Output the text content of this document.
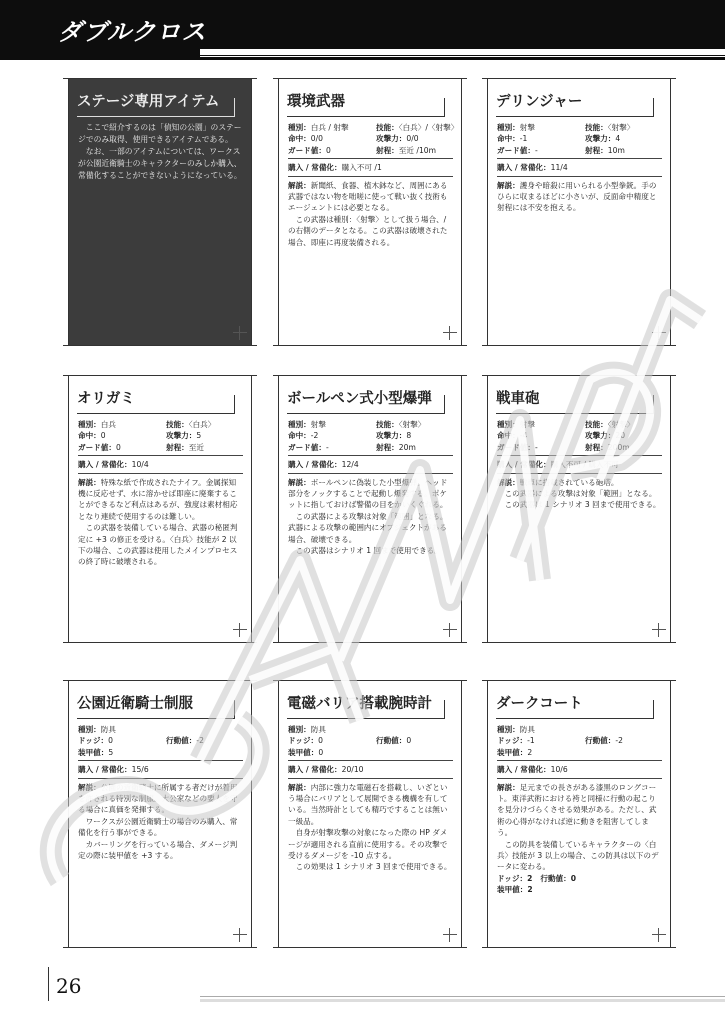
ダブルクロス
ステージ専用アイテム

ここで紹介するのは「偵知の公園」のステージでのみ取得、使用できるアイテムである。

なお、一部のアイテムについては、ワークスが公園近衛騎士のキャラクターのみしか購入、常備化することができないようになっている。

環境武器
種別：白兵 / 射撃	技能：〈白兵〉/〈射撃〉
命中：0/0	攻撃力：0/0
ガード値：0	射程：至近 /10m
購入 / 常備化：購入不可 /1

解説：新聞紙、食器、植木鉢など、周囲にある武器ではない物を咄嗟に使って戦い抜く技術もエージェントには必要となる。

この武器は種別：〈射撃〉として扱う場合、/ の右側のデータとなる。この武器は破壊された場合、即座に再度装備される。

デリンジャー
種別：射撃	技能：〈射撃〉
命中：-1	攻撃力：4
ガード値：-	射程：10m
購入 / 常備化：11/4

解説：護身や暗殺に用いられる小型拳銃。手のひらに収まるほどに小さいが、反面命中精度と射程には不安を抱える。

オリガミ
種別：白兵	技能：〈白兵〉
命中：0	攻撃力：5
ガード値：0	射程：至近
購入 / 常備化：10/4

解説：特殊な紙で作成されたナイフ。金属探知機に反応せず、水に溶かせば即座に廃棄することができるなど利点はあるが、強度は素材相応となり連続で使用するのは難しい。

この武器を装備している場合、武器の秘匿判定に +3 の修正を受ける。〈白兵〉技能が 2 以下の場合、この武器は使用したメインプロセスの終了時に破壊される。

ボールペン式小型爆弾
種別：射撃	技能：〈射撃〉
命中：-2	攻撃力：8
ガード値：-	射程：20m
購入 / 常備化：12/4

解説：ボールペンに偽装した小型爆弾。ヘッド部分をノックすることで起動し爆発する。ポケットに指しておけば警備の目をかいくぐれる。

この武器による攻撃は対象「範囲」となる。武器による攻撃の範囲内にオブジェクトがある場合、破壊できる。

この武器はシナリオ 1 回まで使用できる。

戦車砲
種別：射撃	技能：〈射撃〉
命中：-4	攻撃力：20
ガード値：-	射程：200m
購入 / 常備化：購入不可 / 購入不可

解説：戦車に搭載されている砲塔。

この武器による攻撃は対象「範囲」となる。

この武器は 1 シナリオ 3 回まで使用できる。

公園近衛騎士制服
種別：防具
ドッジ：0	行動値：-2
装甲値：5
購入 / 常備化：15/6

解説：公園の近衛騎士に所属する者だけが着用を許される特別な制服。大公家などの要人を守る場合に真価を発揮する。

ワークスが公園近衛騎士の場合のみ購入、常備化を行う事ができる。

カバーリングを行っている場合、ダメージ判定の際に装甲値を +3 する。

電磁バリア搭載腕時計
種別：防具
ドッジ：0	行動値：0
装甲値：0
購入 / 常備化：20/10

解説：内部に強力な電磁石を搭載し、いざという場合にバリアとして展開できる機構を有している。当然時計としても精巧ですることは無い一級品。

自身が射撃攻撃の対象になった際の HP ダメージが適用される直前に使用する。その攻撃で受けるダメージを -10 点する。

この効果は 1 シナリオ 3 回まで使用できる。

ダークコート
種別：防具
ドッジ：-1	行動値：-2
装甲値：2
購入 / 常備化：10/6

解説：足元までの長さがある漆黒のロングコート。東洋武術における袴と同様に行動の起こりを見分けづらくさせる効果がある。ただし、武術の心得がなければ逆に動きを阻害してしまう。

この防具を装備しているキャラクターの〈白兵〉技能が 3 以上の場合、この防具は以下のデータに変わる。

ドッジ：2 行動値：0
装甲値：2
26
